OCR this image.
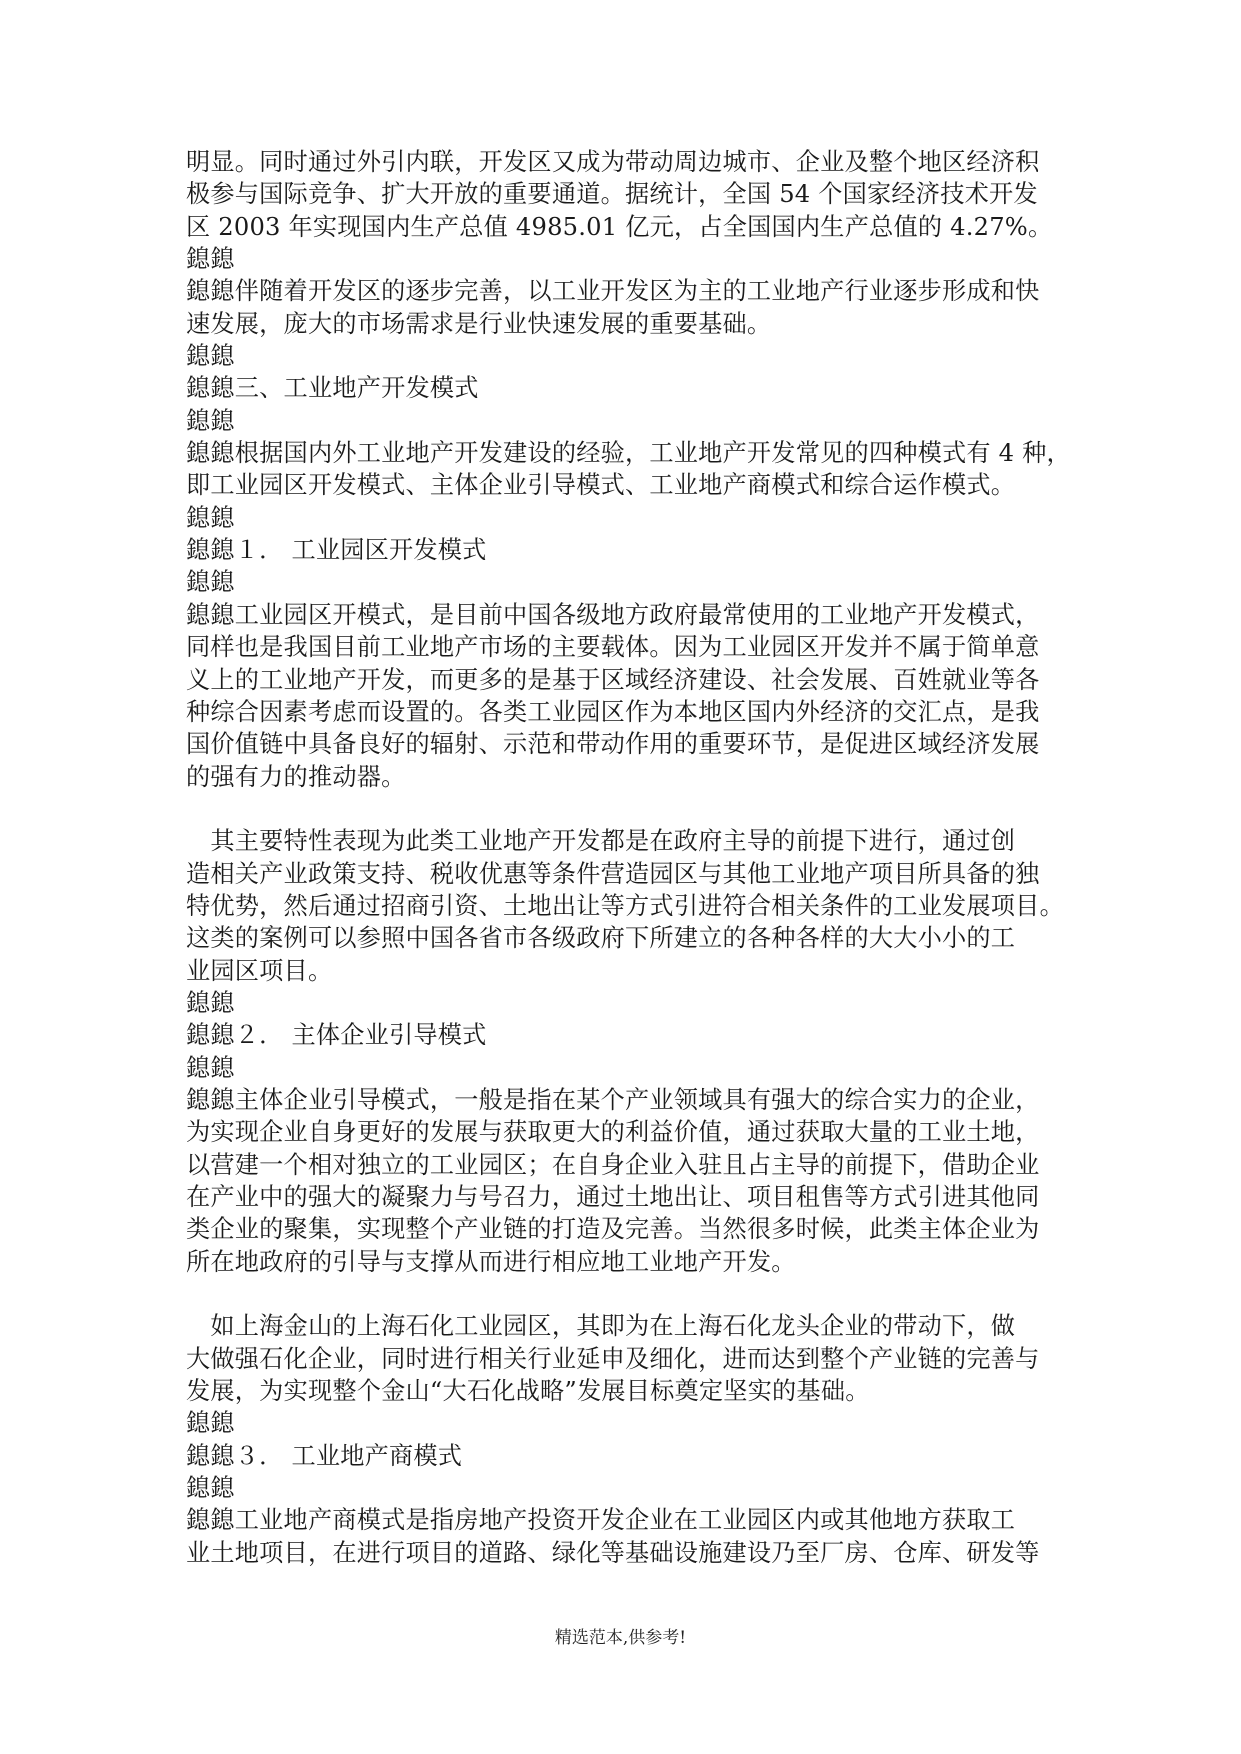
明显。同时通过外引内联，开发区又成为带动周边城市、企业及整个地区经济积
极参与国际竞争、扩大开放的重要通道。据统计，全国 54 个国家经济技术开发
区 2003 年实现国内生产总值 4985.01 亿元，占全国国内生产总值的 4.27%。
鎴鎴
鎴鎴伴随着开发区的逐步完善，以工业开发区为主的工业地产行业逐步形成和快
速发展，庞大的市场需求是行业快速发展的重要基础。
鎴鎴
鎴鎴三、工业地产开发模式
鎴鎴
鎴鎴根据国内外工业地产开发建设的经验，工业地产开发常见的四种模式有 4 种，
即工业园区开发模式、主体企业引导模式、工业地产商模式和综合运作模式。
鎴鎴
鎴鎴１． 工业园区开发模式
鎴鎴
鎴鎴工业园区开模式，是目前中国各级地方政府最常使用的工业地产开发模式，
同样也是我国目前工业地产市场的主要载体。因为工业园区开发并不属于简单意
义上的工业地产开发，而更多的是基于区域经济建设、社会发展、百姓就业等各
种综合因素考虑而设置的。各类工业园区作为本地区国内外经济的交汇点，是我
国价值链中具备良好的辐射、示范和带动作用的重要环节，是促进区域经济发展
的强有力的推动器。
　其主要特性表现为此类工业地产开发都是在政府主导的前提下进行，通过创
造相关产业政策支持、税收优惠等条件营造园区与其他工业地产项目所具备的独
特优势，然后通过招商引资、土地出让等方式引进符合相关条件的工业发展项目。
这类的案例可以参照中国各省市各级政府下所建立的各种各样的大大小小的工
业园区项目。
鎴鎴
鎴鎴２． 主体企业引导模式
鎴鎴
鎴鎴主体企业引导模式，一般是指在某个产业领域具有强大的综合实力的企业，
为实现企业自身更好的发展与获取更大的利益价值，通过获取大量的工业土地，
以营建一个相对独立的工业园区；在自身企业入驻且占主导的前提下，借助企业
在产业中的强大的凝聚力与号召力，通过土地出让、项目租售等方式引进其他同
类企业的聚集，实现整个产业链的打造及完善。当然很多时候，此类主体企业为
所在地政府的引导与支撑从而进行相应地工业地产开发。
　如上海金山的上海石化工业园区，其即为在上海石化龙头企业的带动下，做
大做强石化企业，同时进行相关行业延申及细化，进而达到整个产业链的完善与
发展，为实现整个金山“大石化战略”发展目标奠定坚实的基础。
鎴鎴
鎴鎴３． 工业地产商模式
鎴鎴
鎴鎴工业地产商模式是指房地产投资开发企业在工业园区内或其他地方获取工
业土地项目，在进行项目的道路、绿化等基础设施建设乃至厂房、仓库、研发等
精选范本,供参考!
